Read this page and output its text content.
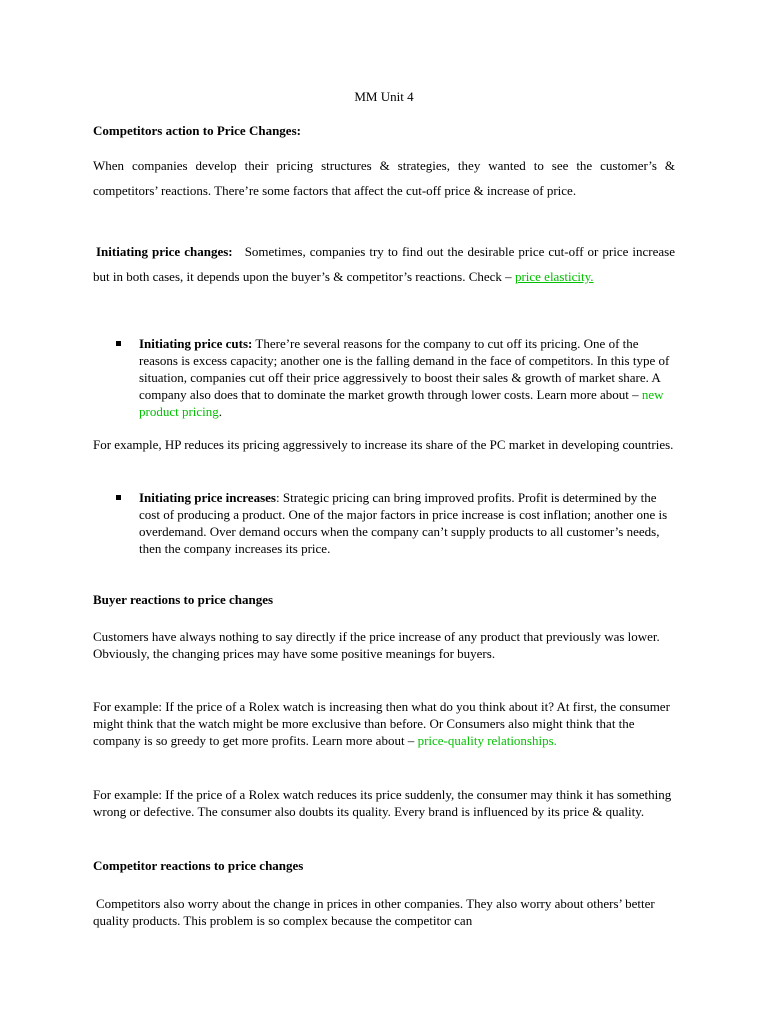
MM Unit 4
Competitors action to Price Changes:

When companies develop their pricing structures & strategies, they wanted to see the customer’s & competitors’ reactions. There’re some factors that affect the cut-off price & increase of price.

Initiating price changes: Sometimes, companies try to find out the desirable price cut-off or price increase but in both cases, it depends upon the buyer’s & competitor’s reactions. Check – price elasticity.

Initiating price cuts: There’re several reasons for the company to cut off its pricing. One of the reasons is excess capacity; another one is the falling demand in the face of competitors. In this type of situation, companies cut off their price aggressively to boost their sales & growth of market share. A company also does that to dominate the market growth through lower costs. Learn more about – new product pricing.

For example, HP reduces its pricing aggressively to increase its share of the PC market in developing countries.

Initiating price increases: Strategic pricing can bring improved profits. Profit is determined by the cost of producing a product. One of the major factors in price increase is cost inflation; another one is overdemand. Over demand occurs when the company can’t supply products to all customer’s needs, then the company increases its price.

Buyer reactions to price changes

Customers have always nothing to say directly if the price increase of any product that previously was lower. Obviously, the changing prices may have some positive meanings for buyers.

For example: If the price of a Rolex watch is increasing then what do you think about it? At first, the consumer might think that the watch might be more exclusive than before. Or Consumers also might think that the company is so greedy to get more profits. Learn more about – price-quality relationships.

For example: If the price of a Rolex watch reduces its price suddenly, the consumer may think it has something wrong or defective. The consumer also doubts its quality. Every brand is influenced by its price & quality.

Competitor reactions to price changes

Competitors also worry about the change in prices in other companies. They also worry about others’ better quality products. This problem is so complex because the competitor can
